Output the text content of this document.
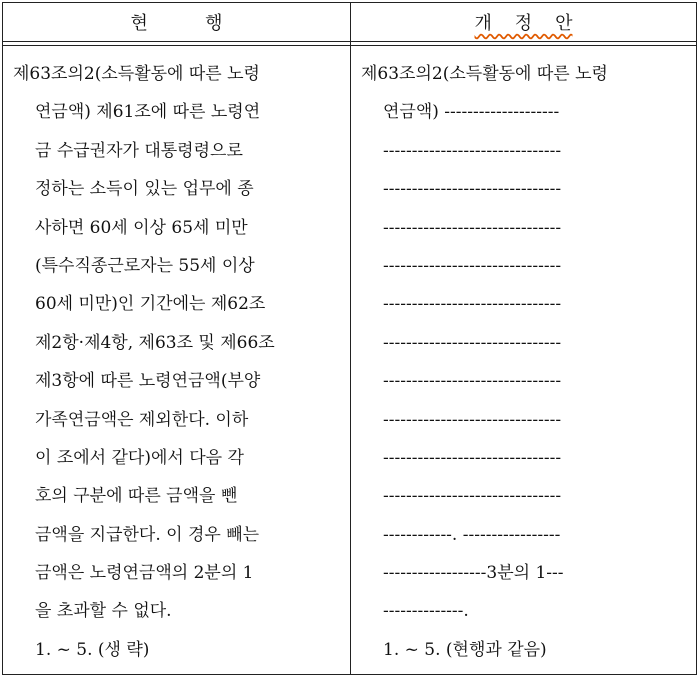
현          행	개    정    안
제63조의2(소득활동에 따른 노령
연금액) 제61조에 따른 노령연
금 수급권자가 대통령령으로
정하는 소득이 있는 업무에 종
사하면 60세 이상 65세 미만
(특수직종근로자는 55세 이상
60세 미만)인 기간에는 제62조
제2항·제4항, 제63조 및 제66조
제3항에 따른 노령연금액(부양
가족연금액은 제외한다. 이하
이 조에서 같다)에서 다음 각
호의 구분에 따른 금액을 뺀
금액을 지급한다. 이 경우 빼는
금액은 노령연금액의 2분의 1
을 초과할 수 없다.
1. ~ 5. (생 략)
제63조의2(소득활동에 따른 노령
연금액) --------------------
-------------------------------
-------------------------------
-------------------------------
-------------------------------
-------------------------------
-------------------------------
-------------------------------
-------------------------------
-------------------------------
-------------------------------
------------. -----------------
------------------3분의 1---
--------------.
1. ~ 5. (현행과 같음)
